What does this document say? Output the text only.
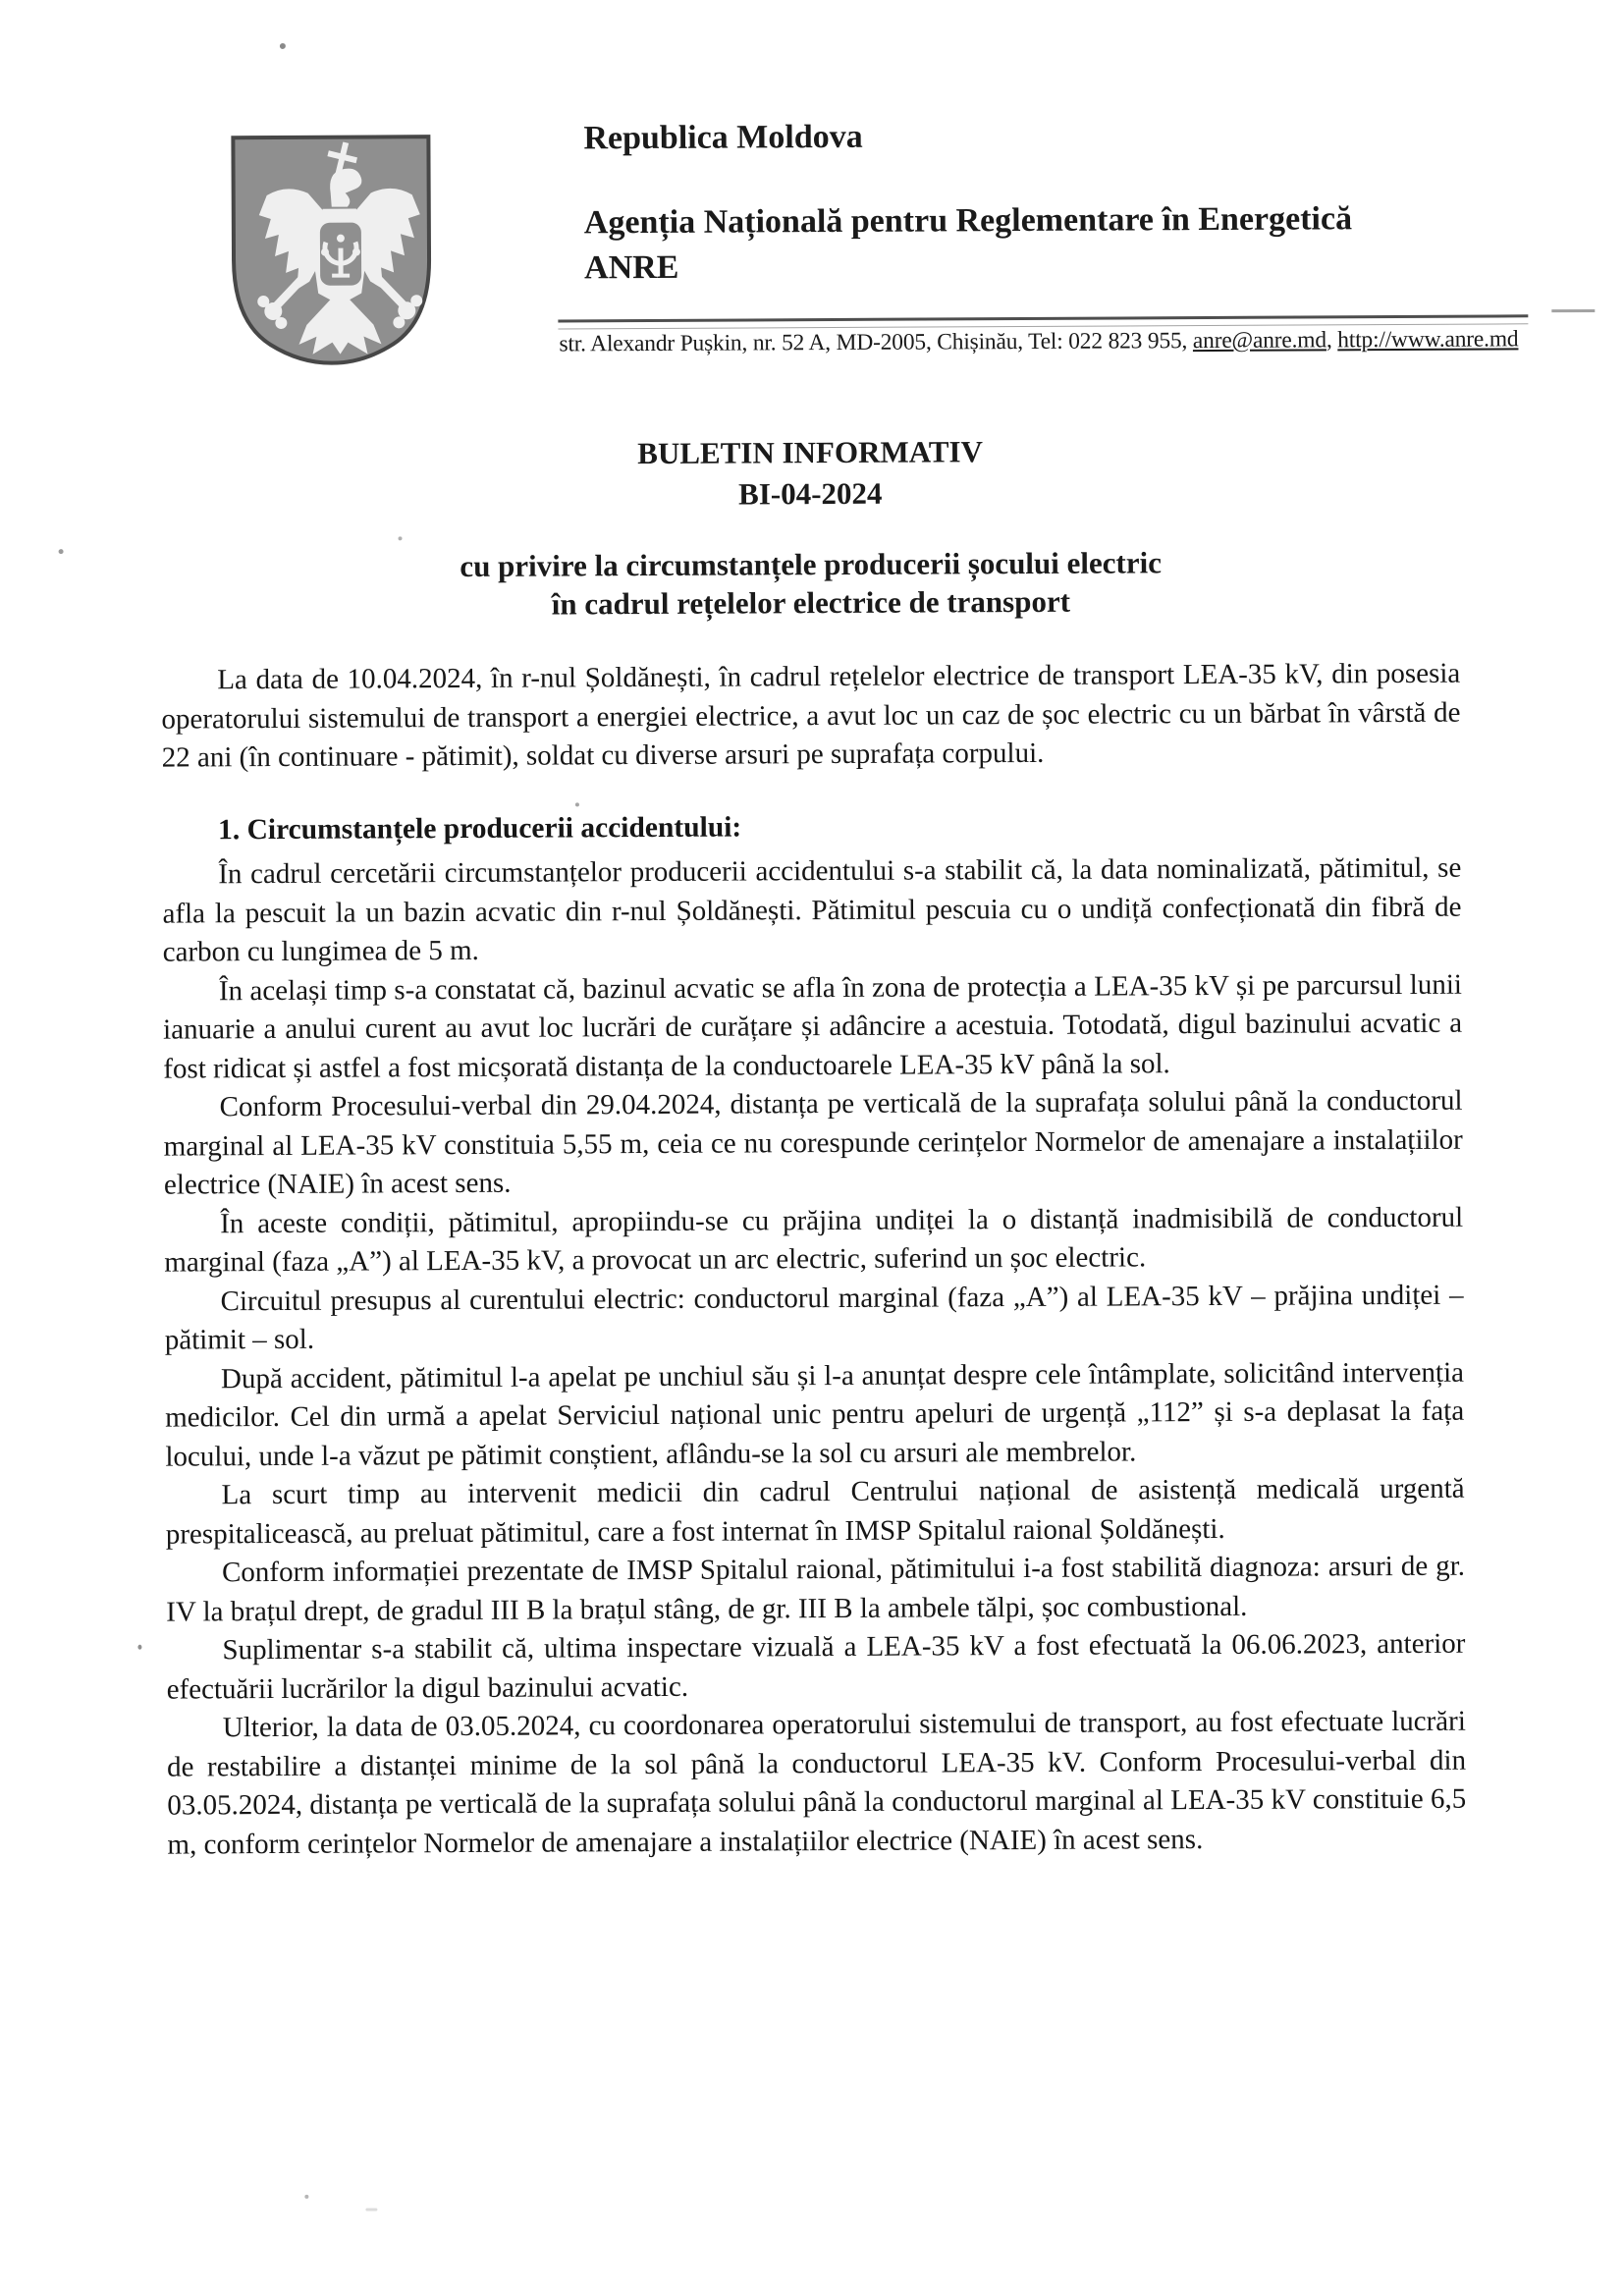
Republica Moldova
Agenția Națională pentru Reglementare în Energetică
ANRE
str. Alexandr Pușkin, nr. 52 A, MD-2005, Chișinău, Tel: 022 823 955, anre@anre.md, http://www.anre.md
BULETIN INFORMATIV
BI-04-2024
cu privire la circumstanțele producerii șocului electric
în cadrul rețelelor electrice de transport

La data de 10.04.2024, în r-nul Șoldănești, în cadrul rețelelor electrice de transport LEA-35 kV, din posesia operatorului sistemului de transport a energiei electrice, a avut loc un caz de șoc electric cu un bărbat în vârstă de 22 ani (în continuare - pătimit), soldat cu diverse arsuri pe suprafața corpului.

1. Circumstanțele producerii accidentului:

În cadrul cercetării circumstanțelor producerii accidentului s-a stabilit că, la data nominalizată, pătimitul, se afla la pescuit la un bazin acvatic din r-nul Șoldănești. Pătimitul pescuia cu o undiță confecționată din fibră de carbon cu lungimea de 5 m.

În același timp s-a constatat că, bazinul acvatic se afla în zona de protecția a LEA-35 kV și pe parcursul lunii ianuarie a anului curent au avut loc lucrări de curățare și adâncire a acestuia. Totodată, digul bazinului acvatic a fost ridicat și astfel a fost micșorată distanța de la conductoarele LEA-35 kV până la sol.

Conform Procesului-verbal din 29.04.2024, distanța pe verticală de la suprafața solului până la conductorul marginal al LEA-35 kV constituia 5,55 m, ceia ce nu corespunde cerințelor Normelor de amenajare a instalațiilor electrice (NAIE) în acest sens.

În aceste condiții, pătimitul, apropiindu-se cu prăjina undiței la o distanță inadmisibilă de conductorul marginal (faza „A”) al LEA-35 kV, a provocat un arc electric, suferind un șoc electric.

Circuitul presupus al curentului electric: conductorul marginal (faza „A”) al LEA-35 kV – prăjina undiței – pătimit – sol.

După accident, pătimitul l-a apelat pe unchiul său și l-a anunțat despre cele întâmplate, solicitând intervenția medicilor. Cel din urmă a apelat Serviciul național unic pentru apeluri de urgență „112” și s-a deplasat la fața locului, unde l-a văzut pe pătimit conștient, aflându-se la sol cu arsuri ale membrelor.

La scurt timp au intervenit medicii din cadrul Centrului național de asistență medicală urgentă prespitalicească, au preluat pătimitul, care a fost internat în IMSP Spitalul raional Șoldănești.

Conform informației prezentate de IMSP Spitalul raional, pătimitului i-a fost stabilită diagnoza: arsuri de gr. IV la brațul drept, de gradul III B la brațul stâng, de gr. III B la ambele tălpi, șoc combustional.

Suplimentar s-a stabilit că, ultima inspectare vizuală a LEA-35 kV a fost efectuată la 06.06.2023, anterior efectuării lucrărilor la digul bazinului acvatic.

Ulterior, la data de 03.05.2024, cu coordonarea operatorului sistemului de transport, au fost efectuate lucrări de restabilire a distanței minime de la sol până la conductorul LEA-35 kV. Conform Procesului-verbal din 03.05.2024, distanța pe verticală de la suprafața solului până la conductorul marginal al LEA-35 kV constituie 6,5 m, conform cerințelor Normelor de amenajare a instalațiilor electrice (NAIE) în acest sens.
